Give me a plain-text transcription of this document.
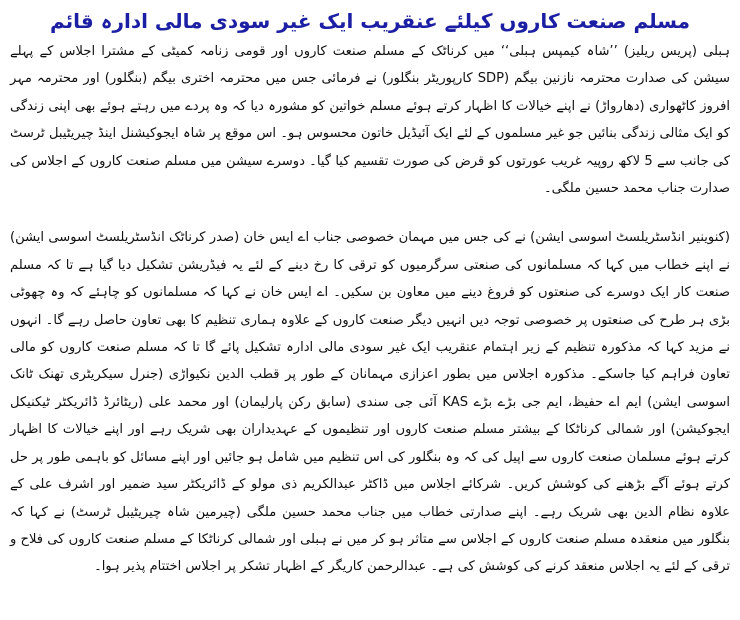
مسلم صنعت کاروں کیلئے عنقریب ایک غیر سودی مالی ادارہ قائم

ہبلی (پریس ریلیز) ’’شاہ کیمپس ہبلی‘‘ میں کرناٹک کے مسلم صنعت کاروں اور قومی زنامہ کمیٹی کے مشترا اجلاس کے پہلے سیشن کی صدارت محترمہ نازنین بیگم (SDP کارپوریٹر بنگلور) نے فرمائی جس میں محترمہ اختری بیگم (بنگلور) اور محترمہ مہر افروز کاٹھواری (دھارواڑ) نے اپنے خیالات کا اظہار کرتے ہوئے مسلم خواتین کو مشورہ دیا کہ وہ پردے میں رہتے ہوئے بھی اپنی زندگی کو ایک مثالی زندگی بنائیں جو غیر مسلموں کے لئے ایک آئیڈیل خاتون محسوس ہو۔ اس موقع پر شاہ ایجوکیشنل اینڈ چیریٹیبل ٹرسٹ کی جانب سے 5 لاکھ روپیہ غریب عورتوں کو قرض کی صورت تقسیم کیا گیا۔ دوسرے سیشن میں مسلم صنعت کاروں کے اجلاس کی صدارت جناب محمد حسین ملگی۔

(کنوینیر انڈسٹریلسٹ اسوسی ایشن) نے کی جس میں مہمان خصوصی جناب اے ایس خان (صدر کرناٹک انڈسٹریلسٹ اسوسی ایشن) نے اپنے خطاب میں کہا کہ مسلمانوں کی صنعتی سرگرمیوں کو ترقی کا رخ دینے کے لئے یہ فیڈریشن تشکیل دیا گیا ہے تا کہ مسلم صنعت کار ایک دوسرے کی صنعتوں کو فروغ دینے میں معاون بن سکیں۔ اے ایس خان نے کہا کہ مسلمانوں کو چاہئے کہ وہ چھوٹی بڑی ہر طرح کی صنعتوں پر خصوصی توجہ دیں انہیں دیگر صنعت کاروں کے علاوہ ہماری تنظیم کا بھی تعاون حاصل رہے گا۔ انہوں نے مزید کہا کہ مذکورہ تنظیم کے زیر اہتمام عنقریب ایک غیر سودی مالی ادارہ تشکیل پائے گا تا کہ مسلم صنعت کاروں کو مالی تعاون فراہم کیا جاسکے۔ مذکورہ اجلاس میں بطور اعزازی مہمانان کے طور پر قطب الدین نکیواڑی (جنرل سیکریٹری تھنک ٹانک اسوسی ایشن) ایم اے حفیظ، ایم جی بڑے بڑے KAS آئی جی سندی (سابق رکن پارلیمان) اور محمد علی (ریٹائرڈ ڈائریکٹر ٹیکنیکل ایجوکیشن) اور شمالی کرناٹکا کے بیشتر مسلم صنعت کاروں اور تنظیموں کے عہدیداران بھی شریک رہے اور اپنے خیالات کا اظہار کرتے ہوئے مسلمان صنعت کاروں سے اپیل کی کہ وہ بنگلور کی اس تنظیم میں شامل ہو جائیں اور اپنے مسائل کو باہمی طور پر حل کرتے ہوئے آگے بڑھنے کی کوشش کریں۔ شرکائے اجلاس میں ڈاکٹر عبدالکریم ذی مولو کے ڈائریکٹر سید ضمیر اور اشرف علی کے علاوہ نظام الدین بھی شریک رہے۔ اپنے صدارتی خطاب میں جناب محمد حسین ملگی (چیرمین شاہ چیریٹیبل ٹرسٹ) نے کہا کہ بنگلور میں منعقدہ مسلم صنعت کاروں کے اجلاس سے متاثر ہو کر میں نے ہبلی اور شمالی کرناٹکا کے مسلم صنعت کاروں کی فلاح و ترقی کے لئے یہ اجلاس منعقد کرنے کی کوشش کی ہے۔ عبدالرحمن کاریگر کے اظہار تشکر پر اجلاس اختتام پذیر ہوا۔
